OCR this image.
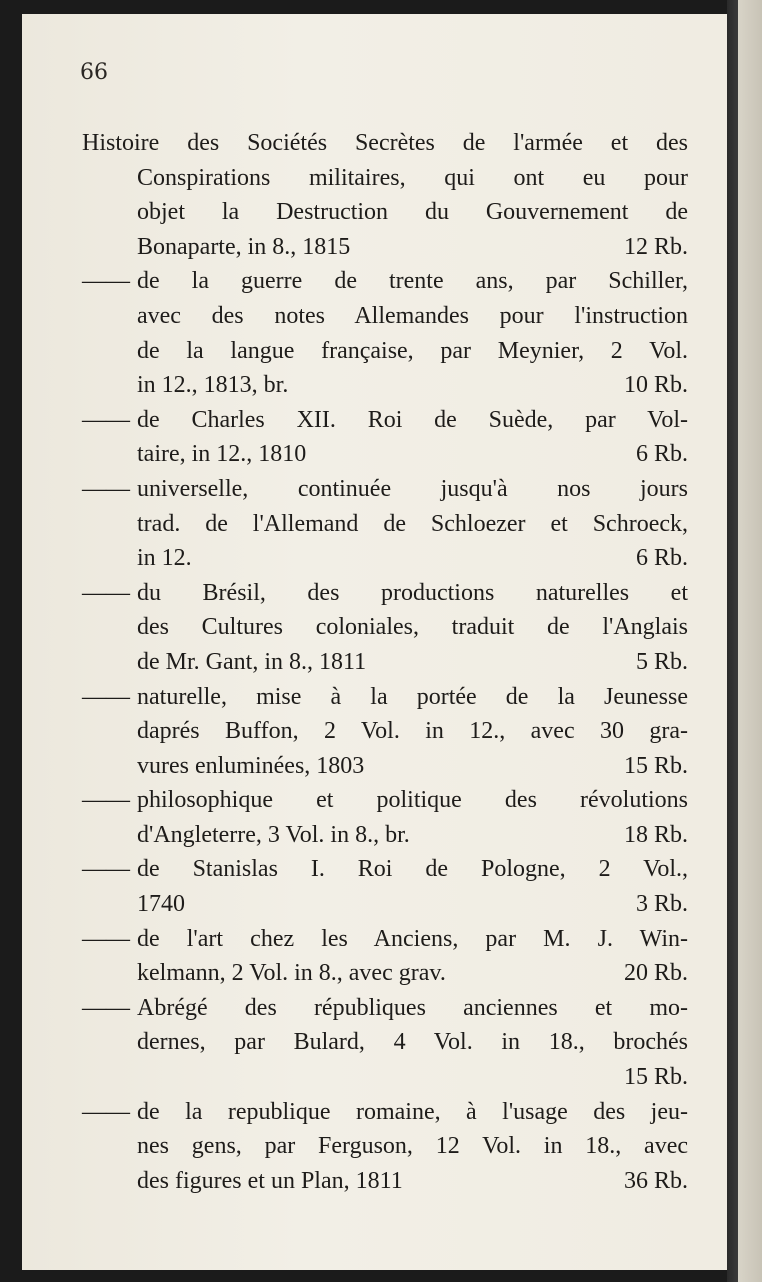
66
Histoire des Sociétés Secrètes de l'armée et des
Conspirations militaires, qui ont eu pour
objet la Destruction du Gouvernement de
Bonaparte, in 8., 1815	12 Rb.
—— de la guerre de trente ans, par Schiller,
avec des notes Allemandes pour l'instruction
de la langue française, par Meynier, 2 Vol.
in 12., 1813, br.	10 Rb.
—— de Charles XII. Roi de Suède, par Vol-
taire, in 12., 1810	6 Rb.
—— universelle, continuée jusqu'à nos jours
trad. de l'Allemand de Schloezer et Schroeck,
in 12.	6 Rb.
—— du Brésil, des productions naturelles et
des Cultures coloniales, traduit de l'Anglais
de Mr. Gant, in 8., 1811	5 Rb.
—— naturelle, mise à la portée de la Jeunesse
daprés Buffon, 2 Vol. in 12., avec 30 gra-
vures enluminées, 1803	15 Rb.
—— philosophique et politique des révolutions
d'Angleterre, 3 Vol. in 8., br.	18 Rb.
—— de Stanislas I. Roi de Pologne, 2 Vol.,
1740	3 Rb.
—— de l'art chez les Anciens, par M. J. Win-
kelmann, 2 Vol. in 8., avec grav.	20 Rb.
—— Abrégé des républiques anciennes et mo-
dernes, par Bulard, 4 Vol. in 18., brochés
15 Rb.
—— de la republique romaine, à l'usage des jeu-
nes gens, par Ferguson, 12 Vol. in 18., avec
des figures et un Plan, 1811	36 Rb.
